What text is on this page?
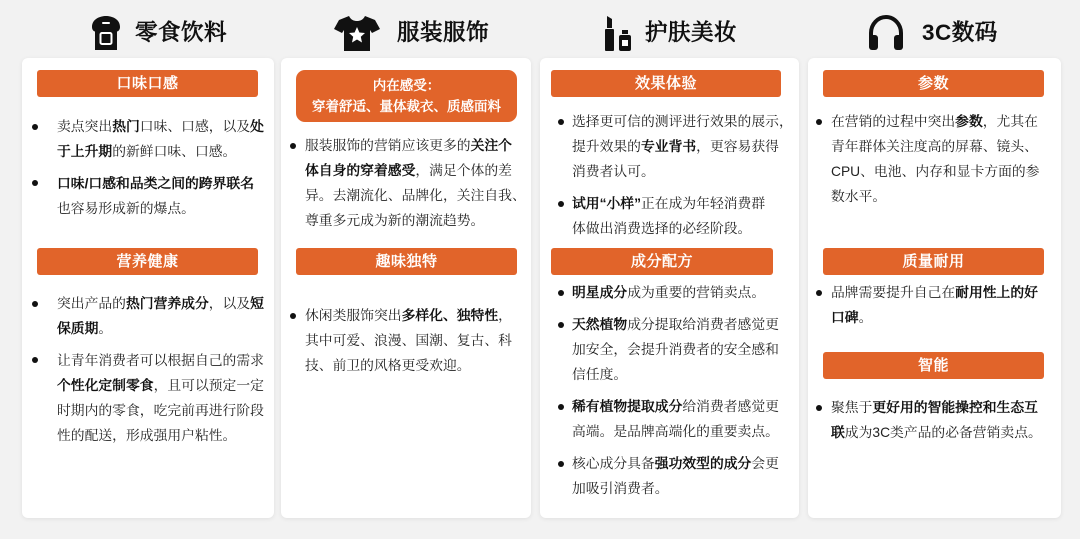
零食饮料	服装服饰	护肤美妆	3C数码
口味口感
卖点突出热门口味、口感，以及处
于上升期的新鲜口味、口感。
口味/口感和品类之间的跨界联名
也容易形成新的爆点。
营养健康
突出产品的热门营养成分，以及短
保质期。
让青年消费者可以根据自己的需求
个性化定制零食，且可以预定一定
时期内的零食，吃完前再进行阶段
性的配送，形成强用户粘性。
内在感受：
穿着舒适、量体裁衣、质感面料
服装服饰的营销应该更多的关注个
体自身的穿着感受，满足个体的差
异。去潮流化、品牌化，关注自我、
尊重多元成为新的潮流趋势。
趣味独特
休闲类服饰突出多样化、独特性，
其中可爱、浪漫、国潮、复古、科
技、前卫的风格更受欢迎。
效果体验
选择更可信的测评进行效果的展示，
提升效果的专业背书，更容易获得
消费者认可。
试用“小样”正在成为年轻消费群
体做出消费选择的必经阶段。
成分配方
明星成分成为重要的营销卖点。
天然植物成分提取给消费者感觉更
加安全，会提升消费者的安全感和
信任度。
稀有植物提取成分给消费者感觉更
高端。是品牌高端化的重要卖点。
核心成分具备强功效型的成分会更
加吸引消费者。
参数
在营销的过程中突出参数，尤其在
青年群体关注度高的屏幕、镜头、
CPU、电池、内存和显卡方面的参
数水平。
质量耐用
品牌需要提升自己在耐用性上的好
口碑。
智能
聚焦于更好用的智能操控和生态互
联成为3C类产品的必备营销卖点。
